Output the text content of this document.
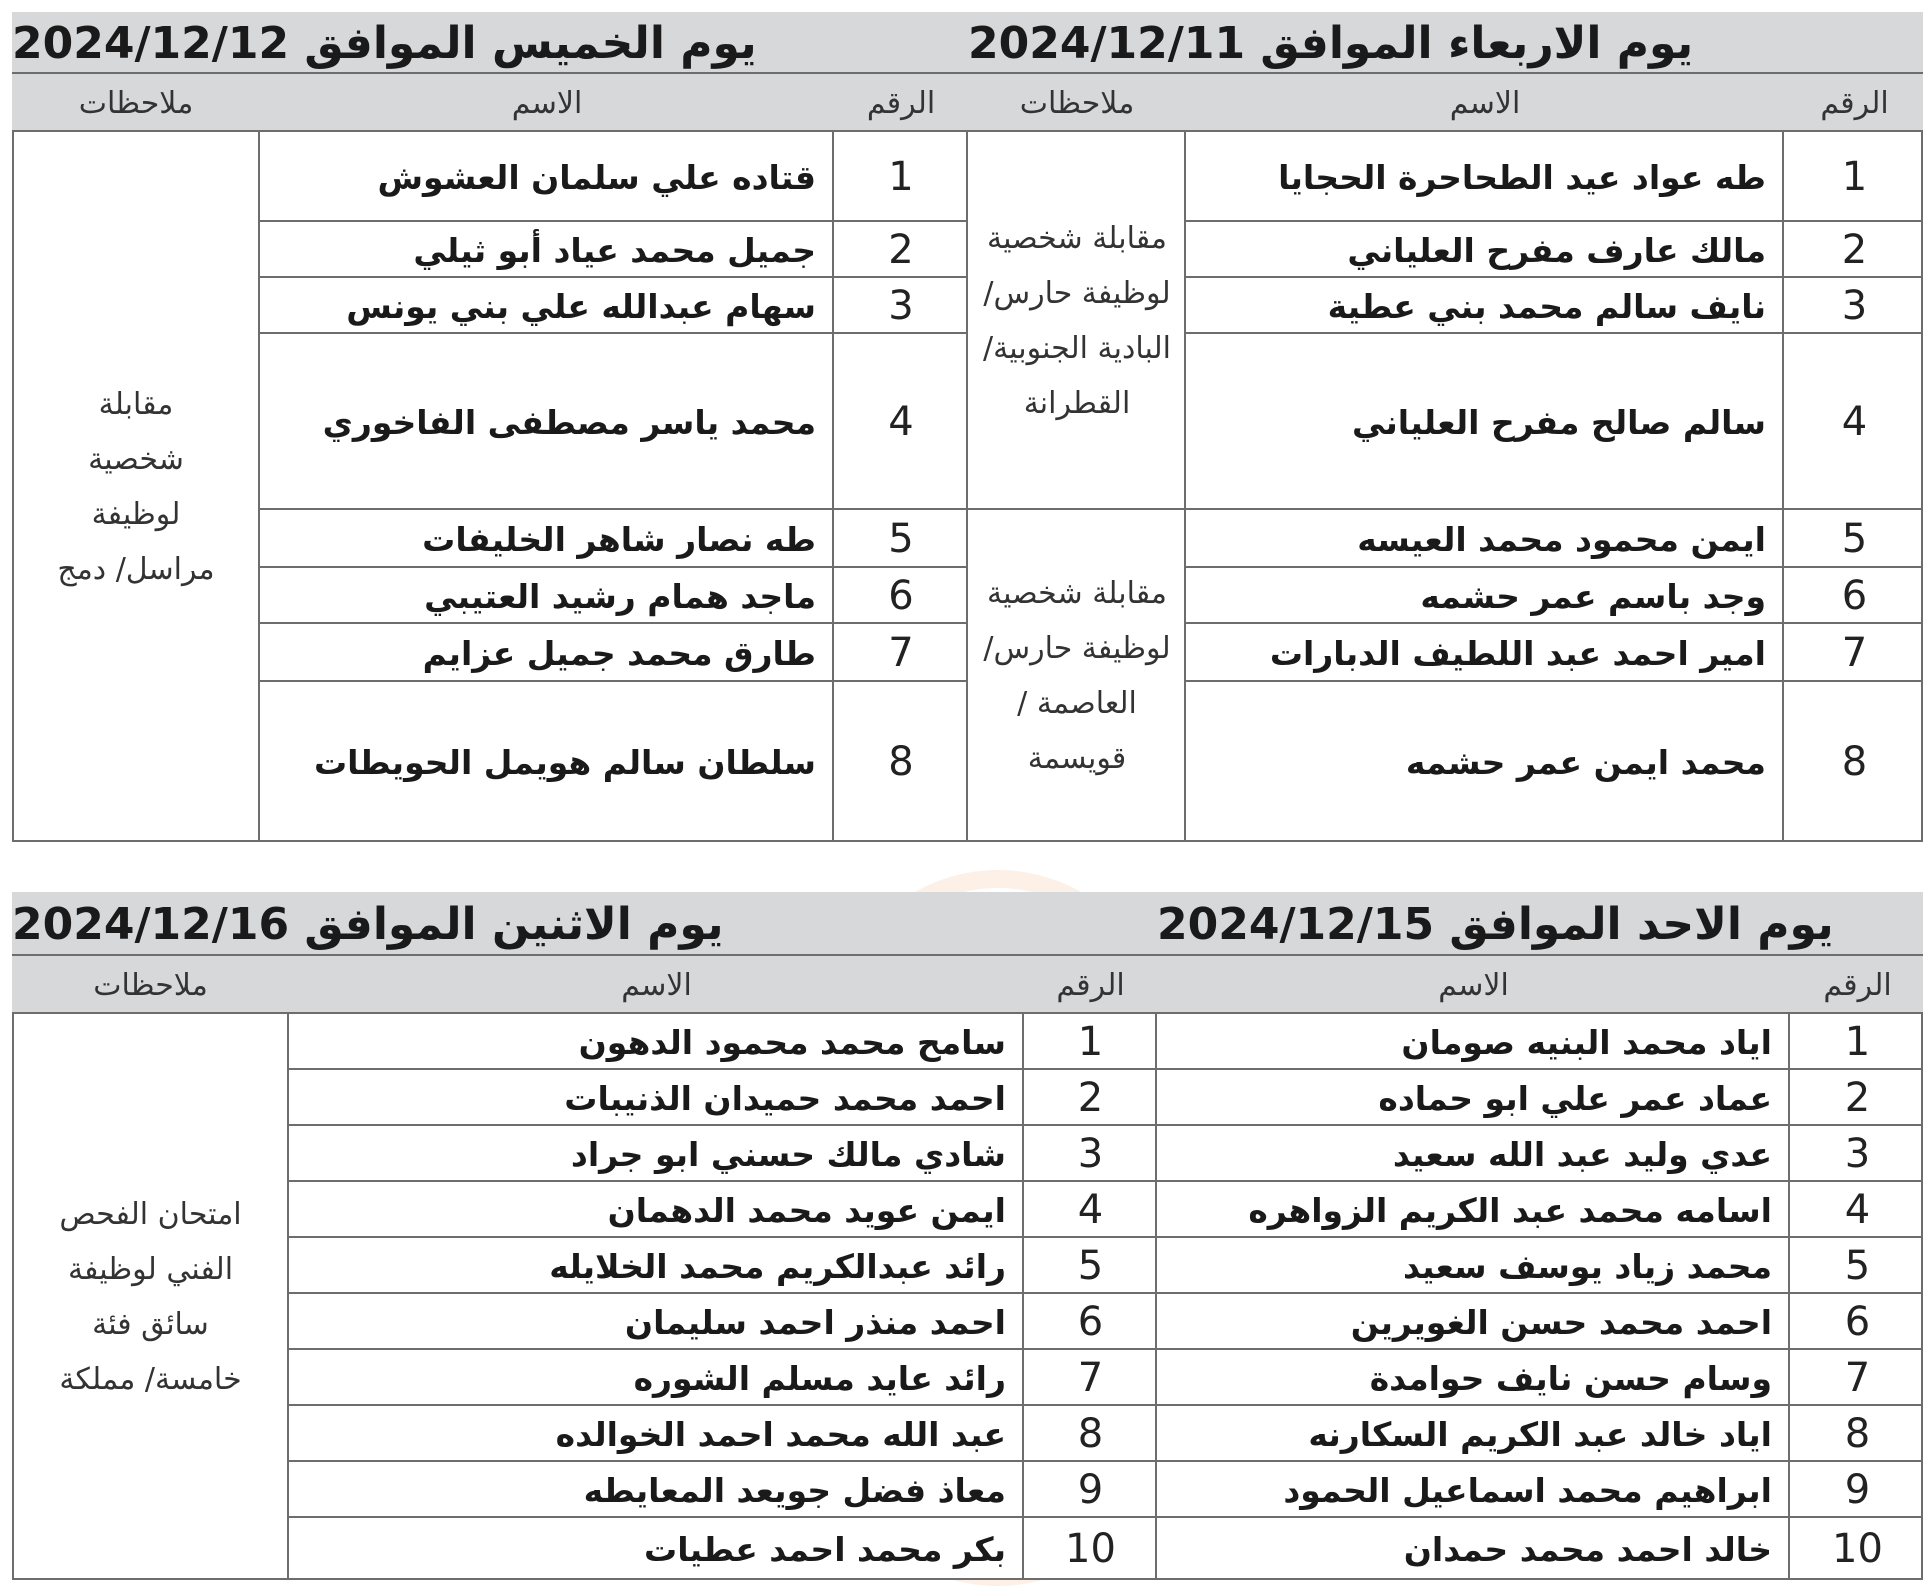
يوم الاربعاء الموافق 2024/12/11
يوم الخميس الموافق 2024/12/12
الرقم
الاسم
ملاحظات
الرقم
الاسم
ملاحظات
1
طه عواد عيد الطحاحرة الحجايا
2
مالك عارف مفرح العلياني
3
نايف سالم محمد بني عطية
4
سالم صالح مفرح العلياني
5
ايمن محمود محمد العيسه
6
وجد باسم عمر حشمه
7
امير احمد عبد اللطيف الدبارات
8
محمد ايمن عمر حشمه
مقابلة شخصية لوظيفة حارس/ البادية الجنوبية/ القطرانة
مقابلة شخصية لوظيفة حارس/ العاصمة / قويسمة
1
قتاده علي سلمان العشوش
2
جميل محمد عياد أبو ثيلي
3
سهام عبدالله علي بني يونس
4
محمد ياسر مصطفى الفاخوري
5
طه نصار شاهر الخليفات
6
ماجد همام رشيد العتيبي
7
طارق محمد جميل عزايم
8
سلطان سالم هويمل الحويطات
مقابلة شخصية لوظيفة مراسل/ دمج
يوم الاحد الموافق 2024/12/15
يوم الاثنين الموافق 2024/12/16
الرقم
الاسم
الرقم
الاسم
ملاحظات
1
اياد محمد البنيه صومان
2
عماد عمر علي ابو حماده
3
عدي وليد عبد الله سعيد
4
اسامه محمد عبد الكريم الزواهره
5
محمد زياد يوسف سعيد
6
احمد محمد حسن الغويرين
7
وسام حسن نايف حوامدة
8
اياد خالد عبد الكريم السكارنه
9
ابراهيم محمد اسماعيل الحمود
10
خالد احمد محمد حمدان
1
سامح محمد محمود الدهون
2
احمد محمد حميدان الذنيبات
3
شادي مالك حسني ابو جراد
4
ايمن عويد محمد الدهمان
5
رائد عبدالكريم محمد الخلايله
6
احمد منذر احمد سليمان
7
رائد عايد مسلم الشوره
8
عبد الله محمد احمد الخوالده
9
معاذ فضل جويعد المعايطه
10
بكر محمد احمد عطيات
امتحان الفحص الفني لوظيفة سائق فئة خامسة/ مملكة
